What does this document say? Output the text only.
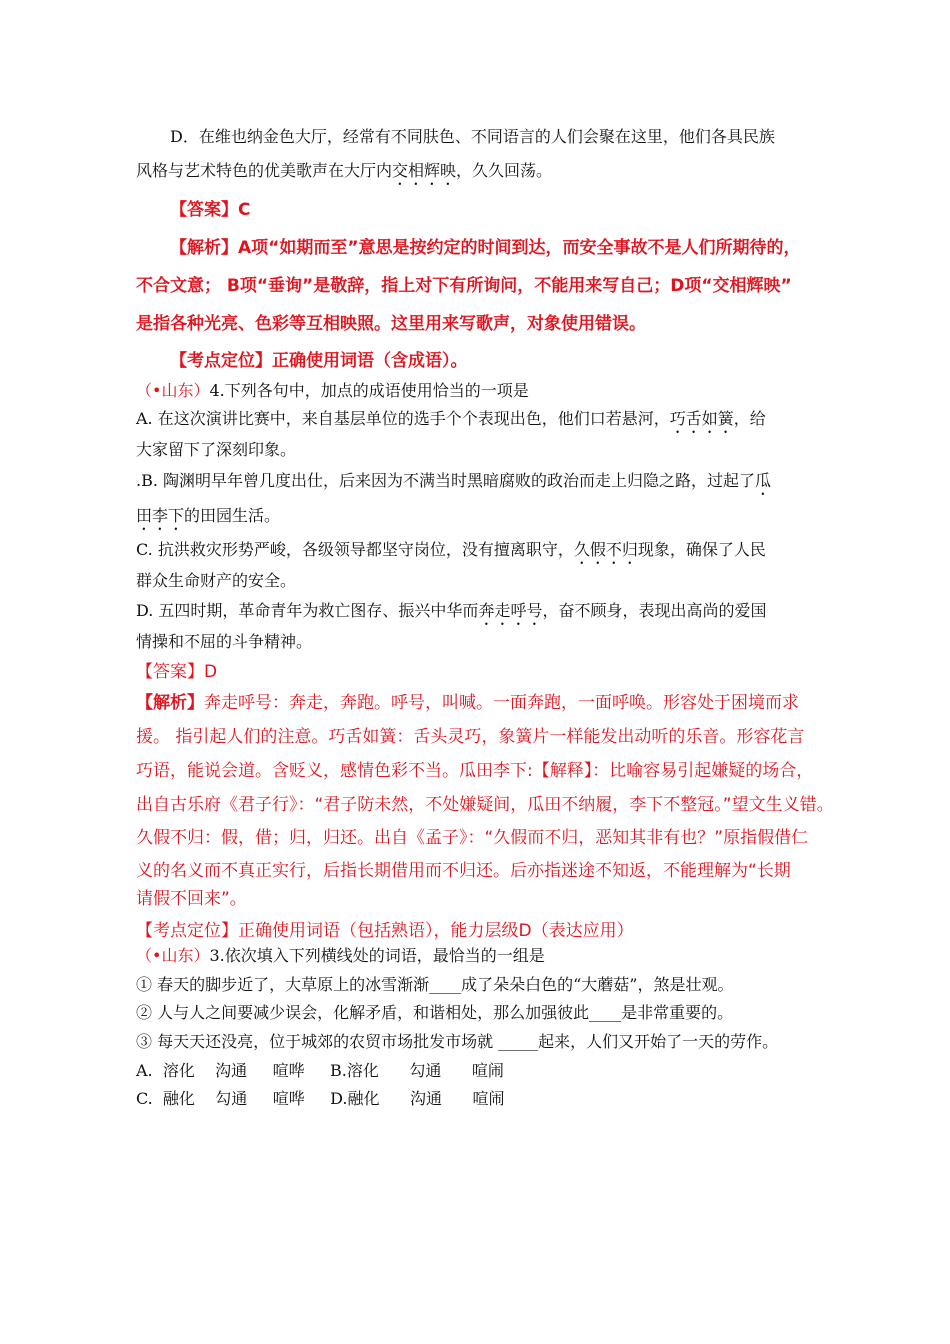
D．在维也纳金色大厅，经常有不同肤色、不同语言的人们会聚在这里，他们各具民族
风格与艺术特色的优美歌声在大厅内交相辉映，久久回荡。
【答案】C
【解析】A项“如期而至”意思是按约定的时间到达，而安全事故不是人们所期待的，
不合文意； B项“垂询”是敬辞，指上对下有所询问，不能用来写自己；D项“交相辉映”
是指各种光亮、色彩等互相映照。这里用来写歌声，对象使用错误。
【考点定位】正确使用词语（含成语）。
（•山东）4.下列各句中，加点的成语使用恰当的一项是
A. 在这次演讲比赛中，来自基层单位的选手个个表现出色，他们口若悬河，巧舌如簧，给
大家留下了深刻印象。
.B. 陶渊明早年曾几度出仕，后来因为不满当时黑暗腐败的政治而走上归隐之路，过起了瓜
田李下的田园生活。
C. 抗洪救灾形势严峻，各级领导都坚守岗位，没有擅离职守，久假不归现象，确保了人民
群众生命财产的安全。
D. 五四时期，革命青年为救亡图存、振兴中华而奔走呼号，奋不顾身，表现出高尚的爱国
情操和不屈的斗争精神。
【答案】D
【解析】奔走呼号：奔走，奔跑。呼号，叫喊。一面奔跑，一面呼唤。形容处于困境而求
援。 指引起人们的注意。巧舌如簧：舌头灵巧，象簧片一样能发出动听的乐音。形容花言
巧语，能说会道。含贬义，感情色彩不当。瓜田李下:【解释】：比喻容易引起嫌疑的场合，
出自古乐府《君子行》：“君子防未然，不处嫌疑间，瓜田不纳履，李下不整冠。”望文生义错。
久假不归：假，借；归，归还。出自《孟子》：“久假而不归，恶知其非有也？”原指假借仁
义的名义而不真正实行，后指长期借用而不归还。后亦指迷途不知返，不能理解为“长期
请假不回来”。
【考点定位】正确使用词语（包括熟语），能力层级D（表达应用）
（•山东）3.依次填入下列横线处的词语，最恰当的一组是
① 春天的脚步近了，大草原上的冰雪渐渐____成了朵朵白色的“大蘑菇”，煞是壮观。
② 人与人之间要减少误会，化解矛盾，和谐相处，那么加强彼此____是非常重要的。
③ 每天天还没亮，位于城郊的农贸市场批发市场就 _____起来，人们又开始了一天的劳作。
A.  溶化    沟通     喧哗     B.溶化      勾通      喧闹
C.  融化    勾通     喧哗     D.融化      沟通      喧闹
